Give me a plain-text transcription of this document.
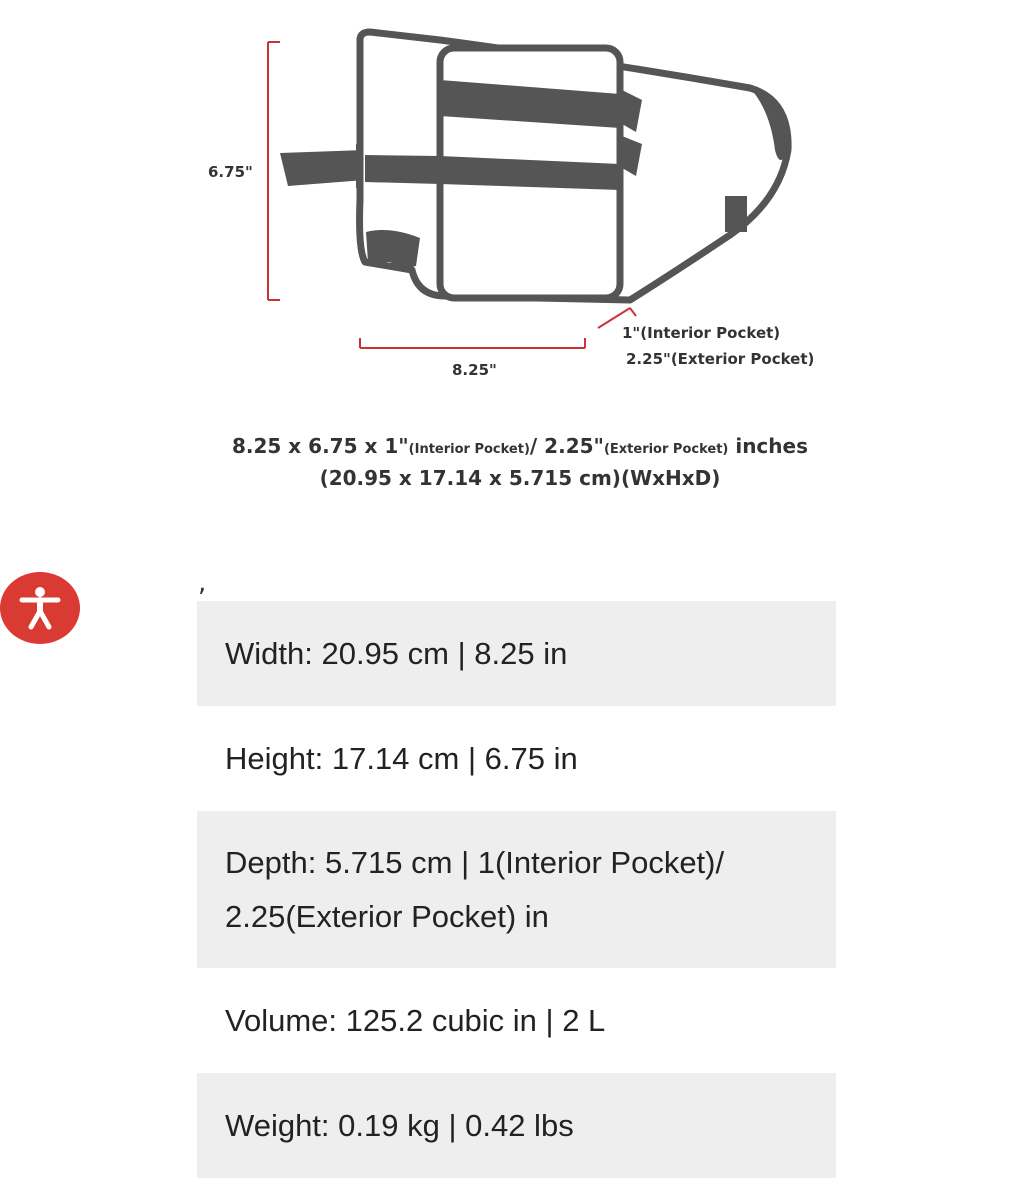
6.75"
8.25"
1"(Interior Pocket)
2.25"(Exterior Pocket)
8.25 x 6.75 x 1"(Interior Pocket)/ 2.25"(Exterior Pocket) inches
(20.95 x 17.14 x 5.715 cm)(WxHxD)
,
Width: 20.95 cm | 8.25 in
Height: 17.14 cm | 6.75 in
Depth: 5.715 cm | 1(Interior Pocket)/ 2.25(Exterior Pocket) in
Volume: 125.2 cubic in | 2 L
Weight: 0.19 kg | 0.42 lbs
